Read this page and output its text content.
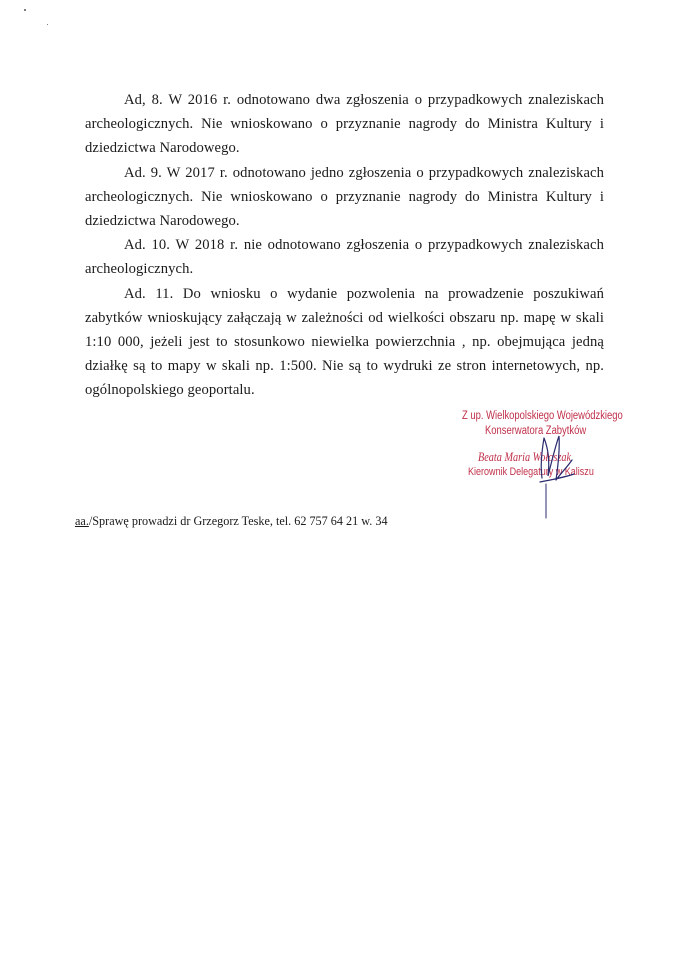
Ad, 8. W 2016 r. odnotowano dwa zgłoszenia o przypadkowych znaleziskach archeologicznych. Nie wnioskowano o przyznanie nagrody do Ministra Kultury i dziedzictwa Narodowego.

Ad. 9. W 2017 r. odnotowano jedno zgłoszenia o przypadkowych znaleziskach archeologicznych. Nie wnioskowano o przyznanie nagrody do Ministra Kultury i dziedzictwa Narodowego.

Ad. 10. W 2018 r. nie odnotowano zgłoszenia o przypadkowych znaleziskach archeologicznych.

Ad. 11. Do wniosku o wydanie pozwolenia na prowadzenie poszukiwań zabytków wnioskujący załączają w zależności od wielkości obszaru np. mapę w skali 1:10 000, jeżeli jest to stosunkowo niewielka powierzchnia , np. obejmująca jedną działkę są to mapy w skali np. 1:500. Nie są to wydruki ze stron internetowych, np. ogólnopolskiego geoportalu.

Z up. Wielkopolskiego Wojewódzkiego
Konserwatora Zabytków
Beata Maria Wołoszak
Kierownik Delegatury w Kaliszu
aa./Sprawę prowadzi dr Grzegorz Teske, tel. 62 757 64 21 w. 34
